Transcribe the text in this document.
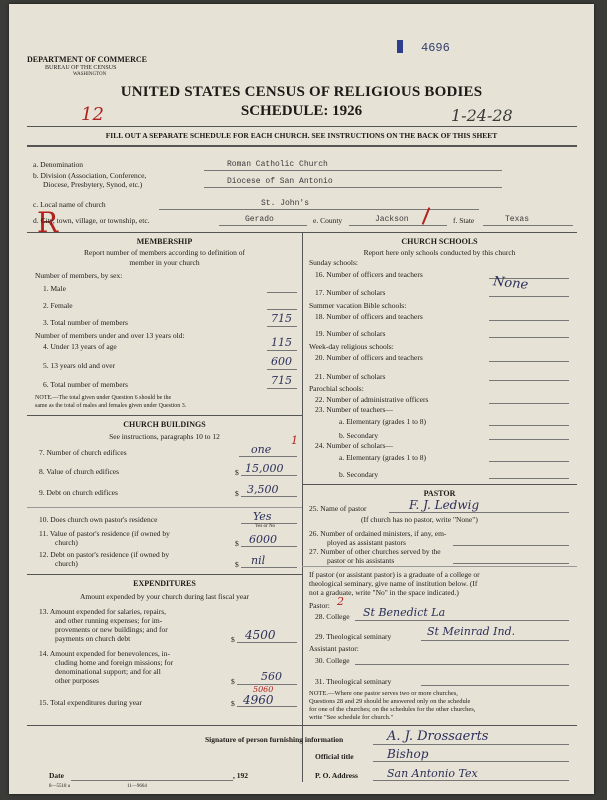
DEPARTMENT OF COMMERCE
BUREAU OF THE CENSUS
WASHINGTON
4696
UNITED STATES CENSUS OF RELIGIOUS BODIES
SCHEDULE: 1926
12	1-24-28
FILL OUT A SEPARATE SCHEDULE FOR EACH CHURCH. SEE INSTRUCTIONS ON THE BACK OF THIS SHEET
a. Denomination	Roman Catholic Church
b. Division (Association, Conference,
Diocese, Presbytery, Synod, etc.)	Diocese of San Antonio
c. Local name of church	St. John's
R
d. City, town, village, or township, etc.	Gerado	e. County	Jackson	f. State	Texas
MEMBERSHIP
Report number of members according to definition of
member in your church
Number of members, by sex:
1. Male
2. Female
3. Total number of members	715
Number of members under and over 13 years old:
4. Under 13 years of age	115
5. 13 years old and over	600
6. Total number of members	715
NOTE.—The total given under Question 6 should be the
same as the total of males and females given under Question 3.
CHURCH BUILDINGS
See instructions, paragraphs 10 to 12
7. Number of church edifices	one
1
8. Value of church edifices	$ 15,000
9. Debt on church edifices	$ 3,500
10. Does church own pastor's residence	Yes
Yes or No
11. Value of pastor's residence (if owned by
church)	$ 6000
12. Debt on pastor's residence (if owned by
church)	$ nil
EXPENDITURES
Amount expended by your church during last fiscal year
13. Amount expended for salaries, repairs,
and other running expenses; for im-
provements or new buildings; and for
payments on church debt	$ 4500
14. Amount expended for benevolences, in-
cluding home and foreign missions; for
denominational support; and for all
other purposes	$ 560
15. Total expenditures during year	$ 4960
5060
CHURCH SCHOOLS
Report here only schools conducted by this church
Sunday schools:
16. Number of officers and teachers	None
17. Number of scholars
Summer vacation Bible schools:
18. Number of officers and teachers
19. Number of scholars
Week-day religious schools:
20. Number of officers and teachers
21. Number of scholars
Parochial schools:
22. Number of administrative officers
23. Number of teachers—
a. Elementary (grades 1 to 8)
b. Secondary
24. Number of scholars—
a. Elementary (grades 1 to 8)
b. Secondary
PASTOR
25. Name of pastor	F. J. Ledwig
(If church has no pastor, write "None")
26. Number of ordained ministers, if any, em-
ployed as assistant pastors
27. Number of other churches served by the
pastor or his assistants
If pastor (or assistant pastor) is a graduate of a college or
theological seminary, give name of institution below. (If
not a graduate, write "No" in the space indicated.)
Pastor: 2
28. College St Benedict La
29. Theological seminary	St Meinrad Ind.
Assistant pastor:
30. College
31. Theological seminary
NOTE.—Where one pastor serves two or more churches,
Questions 28 and 29 should be answered only on the schedule
for one of the churches; on the schedules for the other churches,
write "See schedule for church."
Signature of person furnishing information	A. J. Drossaerts
Official title	Bishop
Date	, 192	P. O. Address	San Antonio Tex
8—5518 a	11—9664
